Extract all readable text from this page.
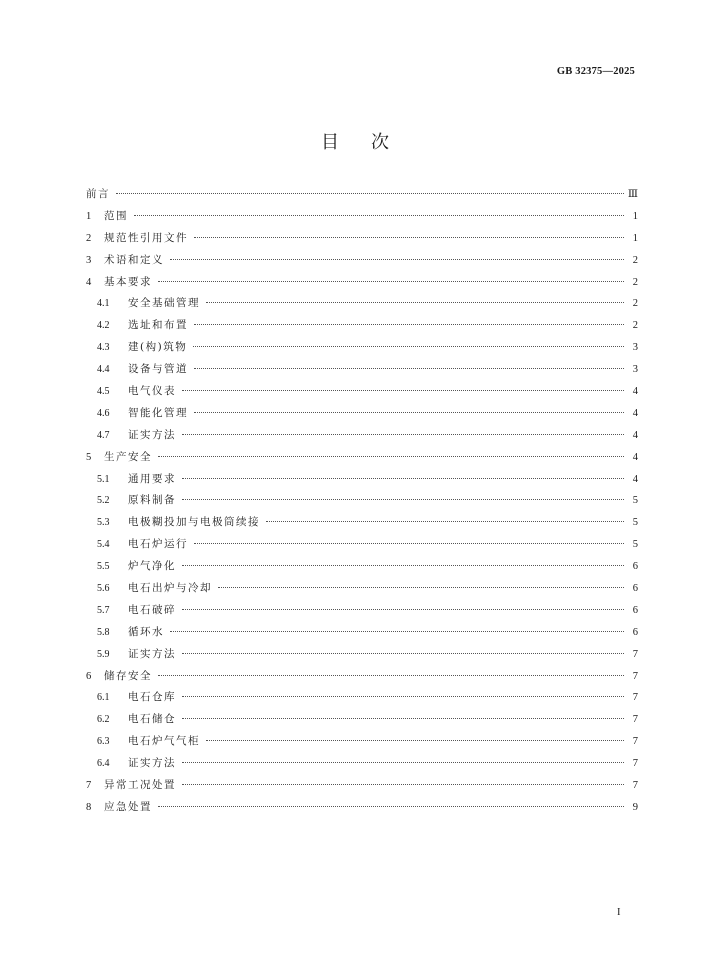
GB 32375—2025
目次
前言	Ⅲ
1	范围	1
2	规范性引用文件	1
3	术语和定义	2
4	基本要求	2
4.1	安全基础管理	2
4.2	选址和布置	2
4.3	建(构)筑物	3
4.4	设备与管道	3
4.5	电气仪表	4
4.6	智能化管理	4
4.7	证实方法	4
5	生产安全	4
5.1	通用要求	4
5.2	原料制备	5
5.3	电极糊投加与电极筒续接	5
5.4	电石炉运行	5
5.5	炉气净化	6
5.6	电石出炉与冷却	6
5.7	电石破碎	6
5.8	循环水	6
5.9	证实方法	7
6	储存安全	7
6.1	电石仓库	7
6.2	电石储仓	7
6.3	电石炉气气柜	7
6.4	证实方法	7
7	异常工况处置	7
8	应急处置	9
I
